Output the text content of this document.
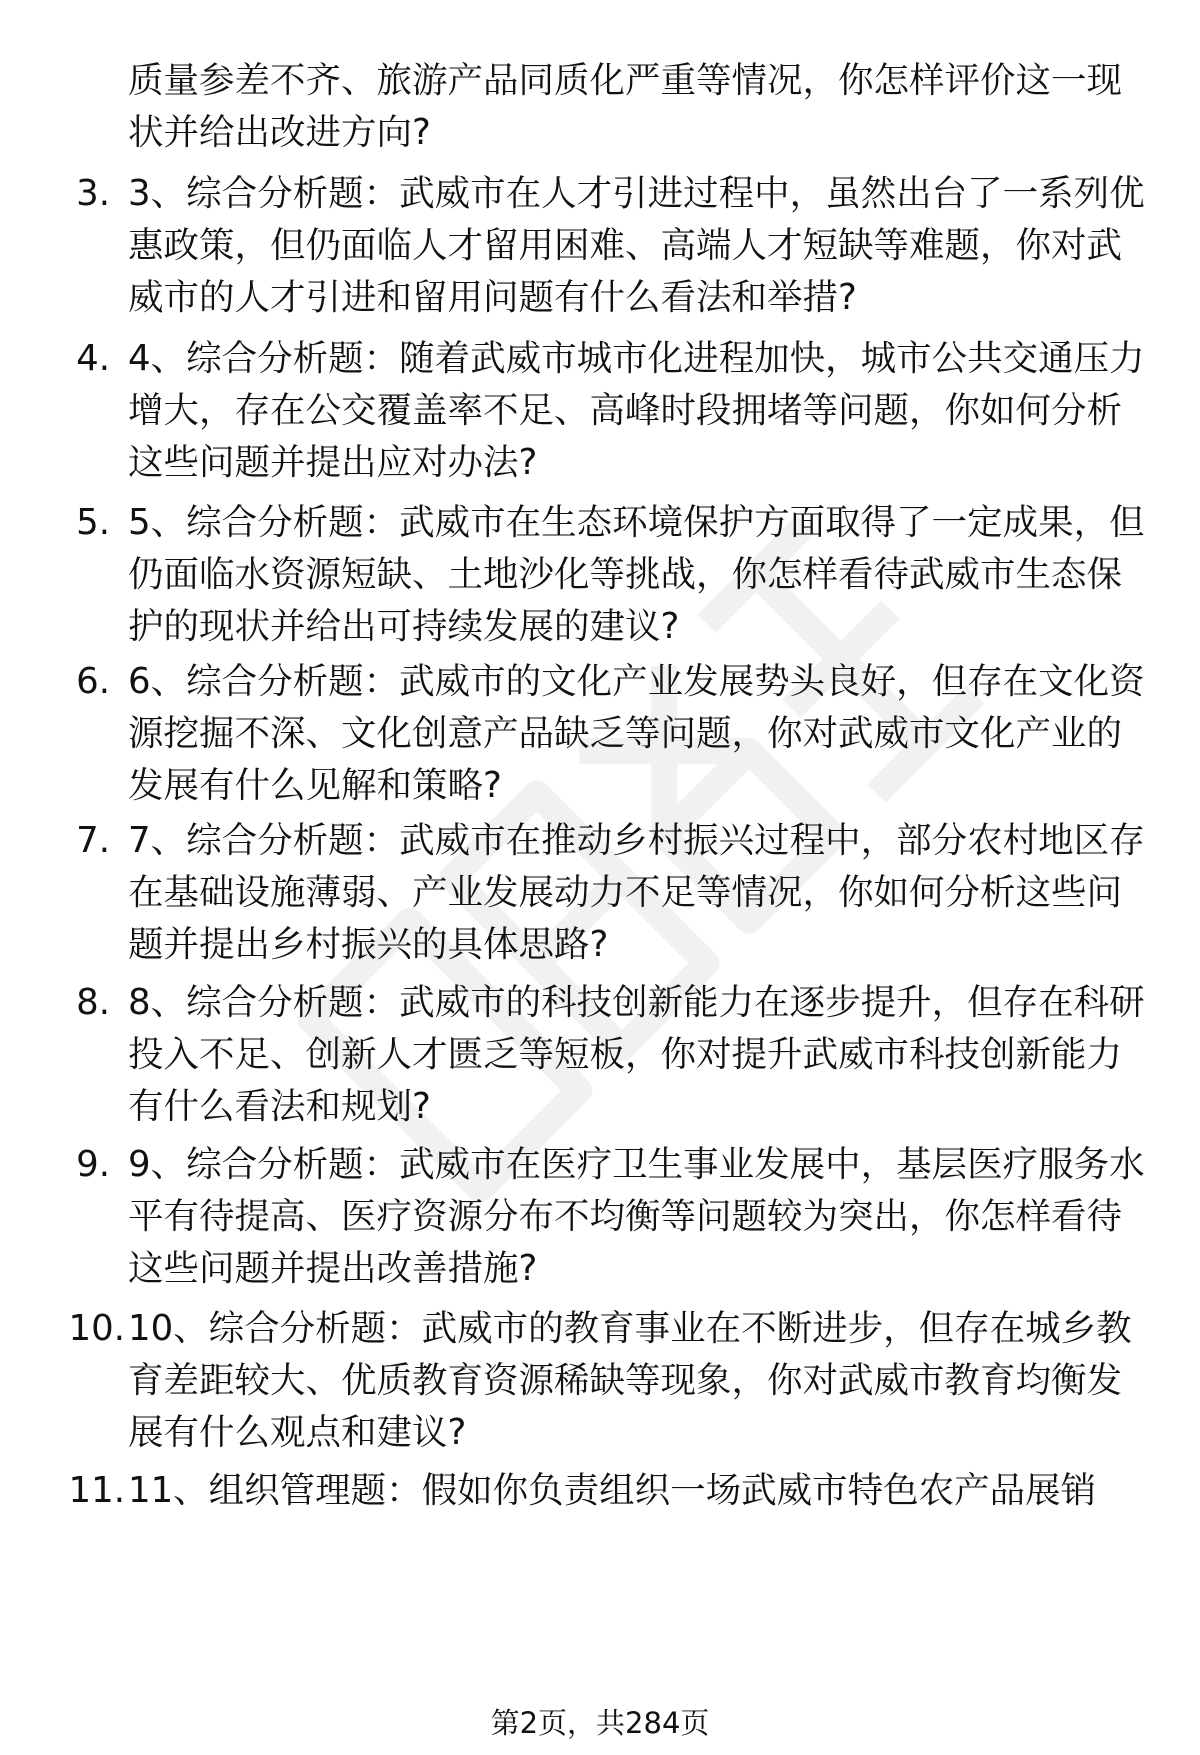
质量参差不齐、旅游产品同质化严重等情况，你怎样评价这一现
状并给出改进方向?

3. 3、综合分析题：武威市在人才引进过程中，虽然出台了一系列优
惠政策，但仍面临人才留用困难、高端人才短缺等难题，你对武
威市的人才引进和留用问题有什么看法和举措?

4. 4、综合分析题：随着武威市城市化进程加快，城市公共交通压力
增大，存在公交覆盖率不足、高峰时段拥堵等问题，你如何分析
这些问题并提出应对办法?

5. 5、综合分析题：武威市在生态环境保护方面取得了一定成果，但
仍面临水资源短缺、土地沙化等挑战，你怎样看待武威市生态保
护的现状并给出可持续发展的建议?

6. 6、综合分析题：武威市的文化产业发展势头良好，但存在文化资
源挖掘不深、文化创意产品缺乏等问题，你对武威市文化产业的
发展有什么见解和策略?

7. 7、综合分析题：武威市在推动乡村振兴过程中，部分农村地区存
在基础设施薄弱、产业发展动力不足等情况，你如何分析这些问
题并提出乡村振兴的具体思路?

8. 8、综合分析题：武威市的科技创新能力在逐步提升，但存在科研
投入不足、创新人才匮乏等短板，你对提升武威市科技创新能力
有什么看法和规划?

9. 9、综合分析题：武威市在医疗卫生事业发展中，基层医疗服务水
平有待提高、医疗资源分布不均衡等问题较为突出，你怎样看待
这些问题并提出改善措施?

10. 10、综合分析题：武威市的教育事业在不断进步，但存在城乡教
育差距较大、优质教育资源稀缺等现象，你对武威市教育均衡发
展有什么观点和建议?

11. 11、组织管理题：假如你负责组织一场武威市特色农产品展销

第2页，共284页
